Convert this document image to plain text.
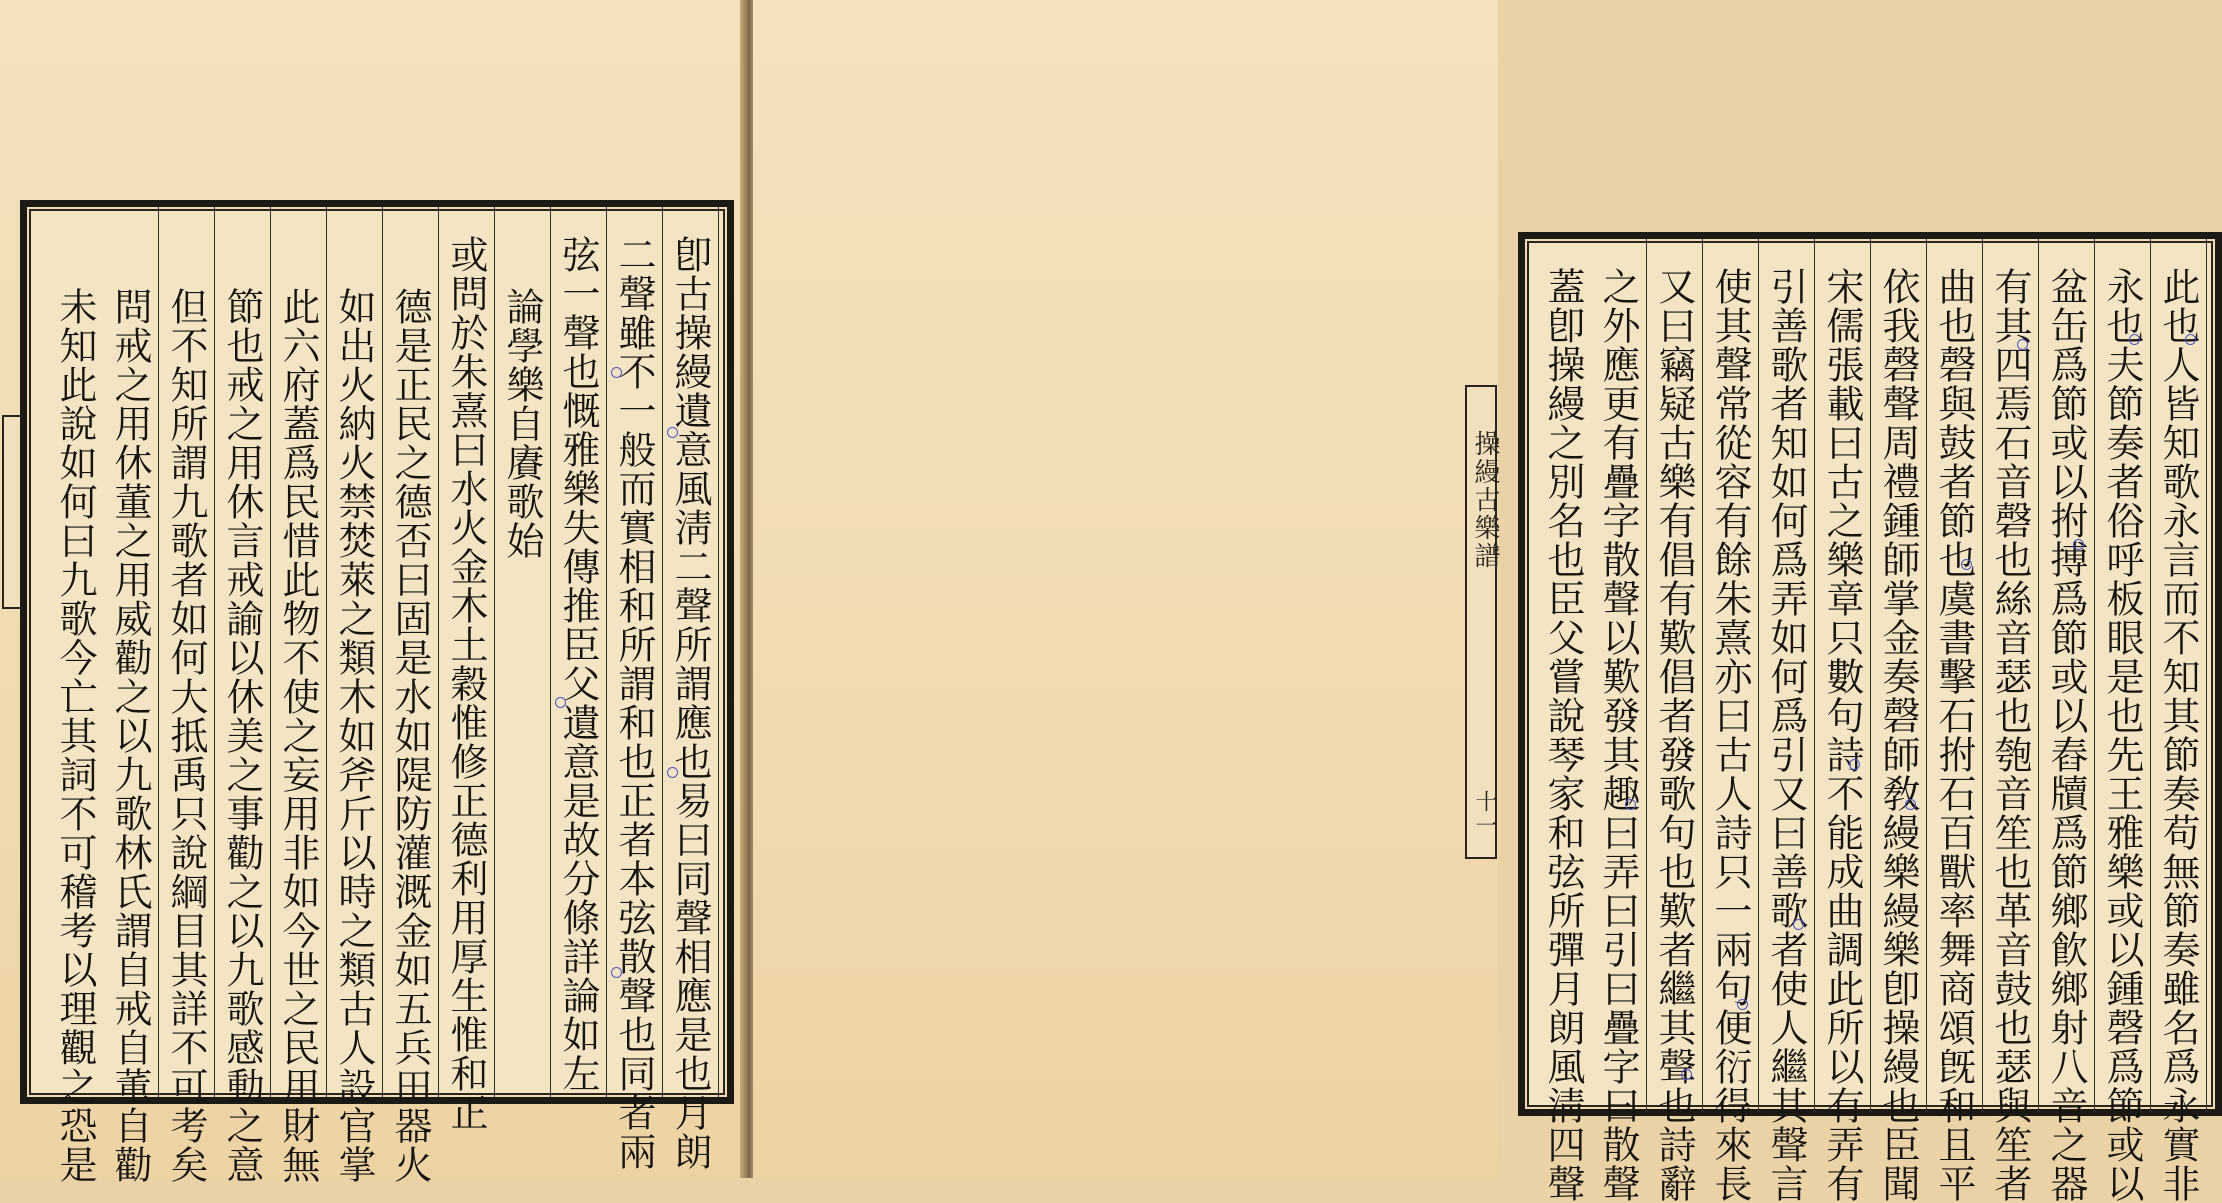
卽古操縵遺意風淸二聲所謂應也易曰同聲相應是也月朗
二聲雖不一般而實相和所謂和也正者本弦散聲也同者兩
弦一聲也慨雅樂失傳推臣父遺意是故分條詳論如左
論學樂自賡歌始
或問於朱熹曰水火金木土穀惟修正德利用厚生惟和正
德是正民之德否曰固是水如隄防灌溉金如五兵田器火
如出火納火禁焚萊之類木如斧斤以時之類古人設官掌
此六府蓋爲民惜此物不使之妄用非如今世之民用財無
節也戒之用休言戒諭以休美之事勸之以九歌感動之意
但不知所謂九歌者如何大抵禹只說綱目其詳不可考矣
問戒之用休董之用威勸之以九歌林氏謂自戒自董自勸
未知此說如何曰九歌今亡其詞不可稽考以理觀之恐是	操縵古樂譜
十一	此也人皆知歌永言而不知其節奏苟無節奏雖名爲永實非
永也夫節奏者俗呼板眼是也先王雅樂或以鍾磬爲節或以
盆缶爲節或以拊搏爲節或以舂牘爲節鄉飮鄉射八音之器
有其四焉石音磬也絲音瑟也匏音笙也革音鼓也瑟與笙者
曲也磬與鼓者節也虞書擊石拊石百獸率舞商頌旣和且平
依我磬聲周禮鍾師掌金奏磬師敎縵樂縵樂卽操縵也臣聞
宋儒張載曰古之樂章只數句詩不能成曲調此所以有弄有
引善歌者知如何爲弄如何爲引又曰善歌者使人繼其聲言
使其聲常從容有餘朱熹亦曰古人詩只一兩句便衍得來長
又曰竊疑古樂有倡有歎倡者發歌句也歎者繼其聲也詩辭
之外應更有疊字散聲以歎發其趣曰弄曰引曰疊字曰散聲
蓋卽操縵之別名也臣父嘗說琴家和弦所彈月朗風淸四聲
